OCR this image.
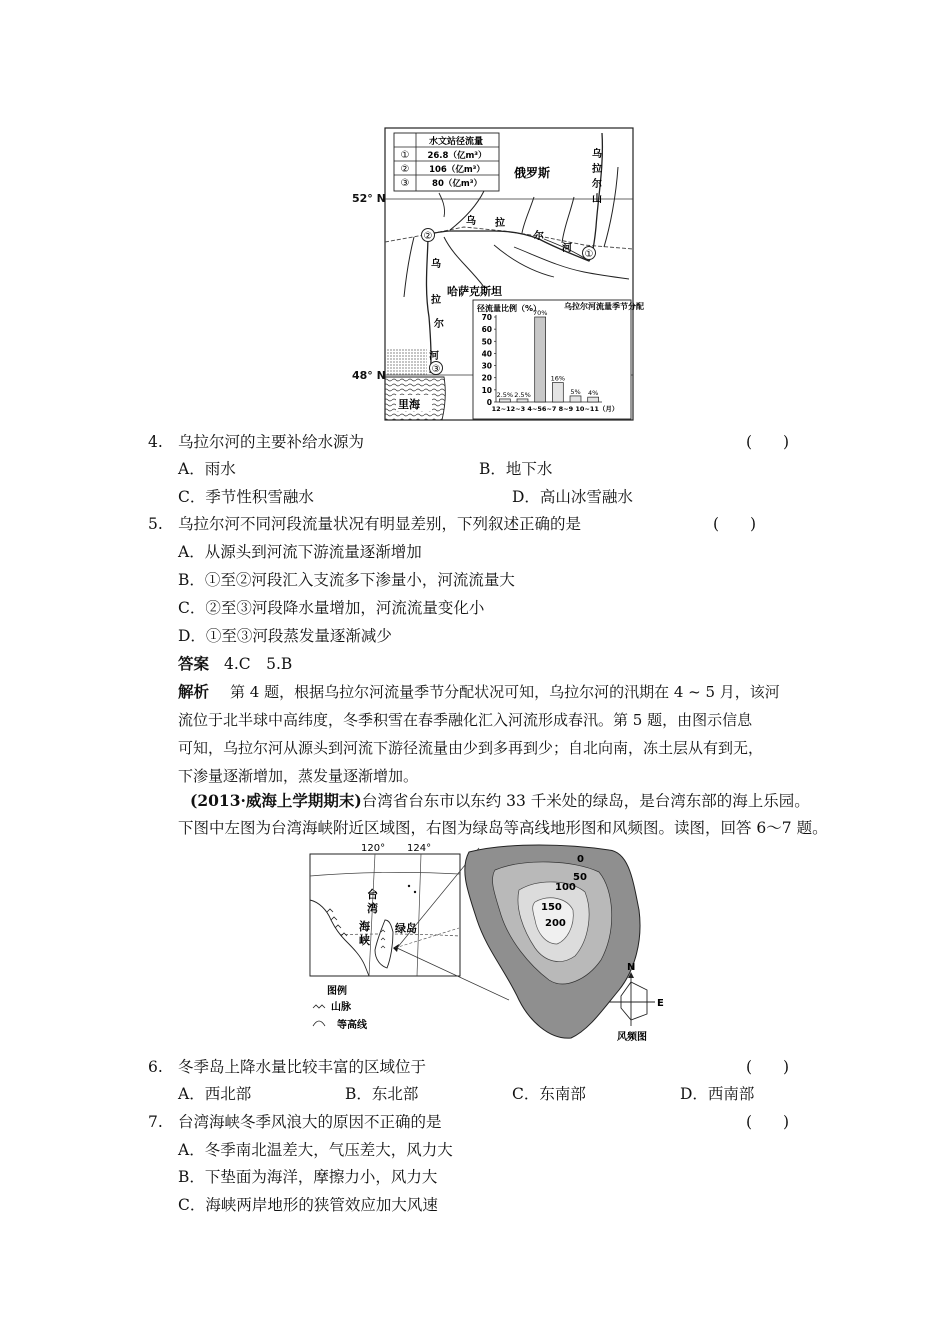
水文站径流量
① 26.8（亿m³）
② 106（亿m³）
③	80（亿m³）
②
①
③
俄罗斯
哈萨克斯坦
里海
乌
拉
尔
山
乌 拉
尔
河
乌
拉
尔
河
径流量比例（%）	乌拉尔河流量季节分配
0
10
20
30
40
50
60
70
2.5% 2.5%
70%
16%
5% 4%
12~12~3 4~56~7 8~9 10~11（月）
52° N
48° N
4. 乌拉尔河的主要补给水源为	(　　)
A．雨水	B．地下水
C．季节性积雪融水	D．高山冰雪融水
5. 乌拉尔河不同河段流量状况有明显差别，下列叙述正确的是	(　　)
A．从源头到河流下游流量逐渐增加
B．①至②河段汇入支流多下渗量小，河流流量大
C．②至③河段降水量增加，河流流量变化小
D．①至③河段蒸发量逐渐减少
答案 4.C　5.B
解析 第 4 题，根据乌拉尔河流量季节分配状况可知，乌拉尔河的汛期在 4 ~ 5 月，该河
流位于北半球中高纬度，冬季积雪在春季融化汇入河流形成春汛。第 5 题，由图示信息
可知，乌拉尔河从源头到河流下游径流量由少到多再到少；自北向南，冻土层从有到无，
下渗量逐渐增加，蒸发量逐渐增加。
(2013·威海上学期期末)台湾省台东市以东约 33 千米处的绿岛，是台湾东部的海上乐园。
下图中左图为台湾海峡附近区域图，右图为绿岛等高线地形图和风频图。读图，回答 6～7 题。
120° 124°
台
湾
海
峡
绿岛
0
50
100
150
200
N
E
风频图
图例
山脉
等高线
6. 冬季岛上降水量比较丰富的区域位于	(　　)
A．西北部	B．东北部	C．东南部	D．西南部
7. 台湾海峡冬季风浪大的原因不正确的是	(　　)
A．冬季南北温差大，气压差大，风力大
B．下垫面为海洋，摩擦力小，风力大
C．海峡两岸地形的狭管效应加大风速
